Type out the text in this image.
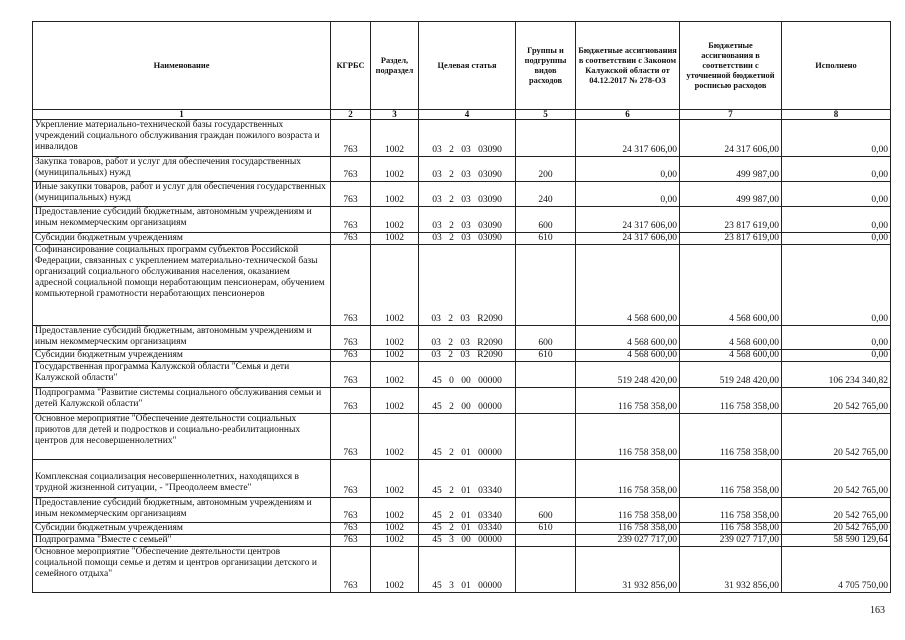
Наименование	КГРБС	Раздел, подраздел	Целевая статья	Группы и подгруппы видов расходов	Бюджетные ассигнования в соответствии с Законом Калужской области от 04.12.2017 № 278-ОЗ	Бюджетные ассигнования в соответствии с уточненной бюджетной росписью расходов	Исполнено
1	2	3	4	5	6	7	8
Укрепление материально-технической базы государственных учреждений социального обслуживания граждан пожилого возраста и инвалидов	763	1002	03 2 03 03090		24 317 606,00	24 317 606,00	0,00
Закупка товаров, работ и услуг для обеспечения государственных (муниципальных) нужд	763	1002	03 2 03 03090	200	0,00	499 987,00	0,00
Иные закупки товаров, работ и услуг для обеспечения государственных (муниципальных) нужд	763	1002	03 2 03 03090	240	0,00	499 987,00	0,00
Предоставление субсидий бюджетным, автономным учреждениям и иным некоммерческим организациям	763	1002	03 2 03 03090	600	24 317 606,00	23 817 619,00	0,00
Субсидии бюджетным учреждениям	763	1002	03 2 03 03090	610	24 317 606,00	23 817 619,00	0,00
Софинансирование социальных программ субъектов Российской Федерации, связанных с укреплением материально-технической базы организаций социального обслуживания населения, оказанием адресной социальной помощи неработающим пенсионерам, обучением компьютерной грамотности неработающих пенсионеров	763	1002	03 2 03 R2090		4 568 600,00	4 568 600,00	0,00
Предоставление субсидий бюджетным, автономным учреждениям и иным некоммерческим организациям	763	1002	03 2 03 R2090	600	4 568 600,00	4 568 600,00	0,00
Субсидии бюджетным учреждениям	763	1002	03 2 03 R2090	610	4 568 600,00	4 568 600,00	0,00
Государственная программа Калужской области "Семья и дети Калужской области"	763	1002	45 0 00 00000		519 248 420,00	519 248 420,00	106 234 340,82
Подпрограмма "Развитие системы социального обслуживания семьи и детей Калужской области"	763	1002	45 2 00 00000		116 758 358,00	116 758 358,00	20 542 765,00
Основное мероприятие "Обеспечение деятельности социальных приютов для детей и подростков и социально-реабилитационных центров для несовершеннолетних"	763	1002	45 2 01 00000		116 758 358,00	116 758 358,00	20 542 765,00
Комплексная социализация несовершеннолетних, находящихся в трудной жизненной ситуации, - "Преодолеем вместе"	763	1002	45 2 01 03340		116 758 358,00	116 758 358,00	20 542 765,00
Предоставление субсидий бюджетным, автономным учреждениям и иным некоммерческим организациям	763	1002	45 2 01 03340	600	116 758 358,00	116 758 358,00	20 542 765,00
Субсидии бюджетным учреждениям	763	1002	45 2 01 03340	610	116 758 358,00	116 758 358,00	20 542 765,00
Подпрограмма "Вместе с семьей"	763	1002	45 3 00 00000		239 027 717,00	239 027 717,00	58 590 129,64
Основное мероприятие "Обеспечение деятельности центров социальной помощи семье и детям и центров организации детского и семейного отдыха"	763	1002	45 3 01 00000		31 932 856,00	31 932 856,00	4 705 750,00
163
